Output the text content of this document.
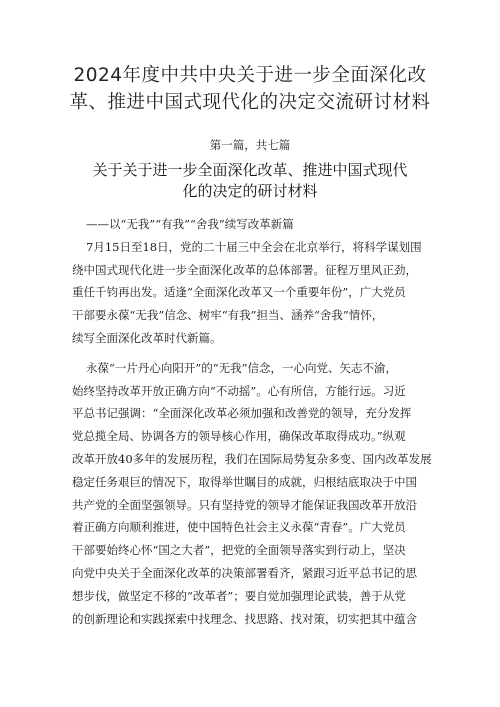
2024年度中共中央关于进一步全面深化改
革、推进中国式现代化的决定交流研讨材料
第一篇，共七篇
关于关于进一步全面深化改革、推进中国式现代
化的决定的研讨材料
——以“无我”“有我”“舍我”续写改革新篇
7月15日至18日，党的二十届三中全会在北京举行，将科学谋划围
绕中国式现代化进一步全面深化改革的总体部署。征程万里风正劲，
重任千钧再出发。适逢“全面深化改革又一个重要年份”，广大党员
干部要永葆“无我”信念、树牢“有我”担当、涵养“舍我”情怀，
续写全面深化改革时代新篇。
永葆“一片丹心向阳开”的“无我”信念，一心向党、矢志不渝，
始终坚持改革开放正确方向“不动摇”。心有所信，方能行远。习近
平总书记强调：“全面深化改革必须加强和改善党的领导，充分发挥
党总揽全局、协调各方的领导核心作用，确保改革取得成功。”纵观
改革开放40多年的发展历程，我们在国际局势复杂多变、国内改革发展
稳定任务艰巨的情况下，取得举世瞩目的成就，归根结底取决于中国
共产党的全面坚强领导。只有坚持党的领导才能保证我国改革开放沿
着正确方向顺利推进，使中国特色社会主义永葆“青春”。广大党员
干部要始终心怀“国之大者”，把党的全面领导落实到行动上，坚决
向党中央关于全面深化改革的决策部署看齐，紧跟习近平总书记的思
想步伐，做坚定不移的“改革者”；要自觉加强理论武装，善于从党
的创新理论和实践探索中找理念、找思路、找对策，切实把其中蕴含
